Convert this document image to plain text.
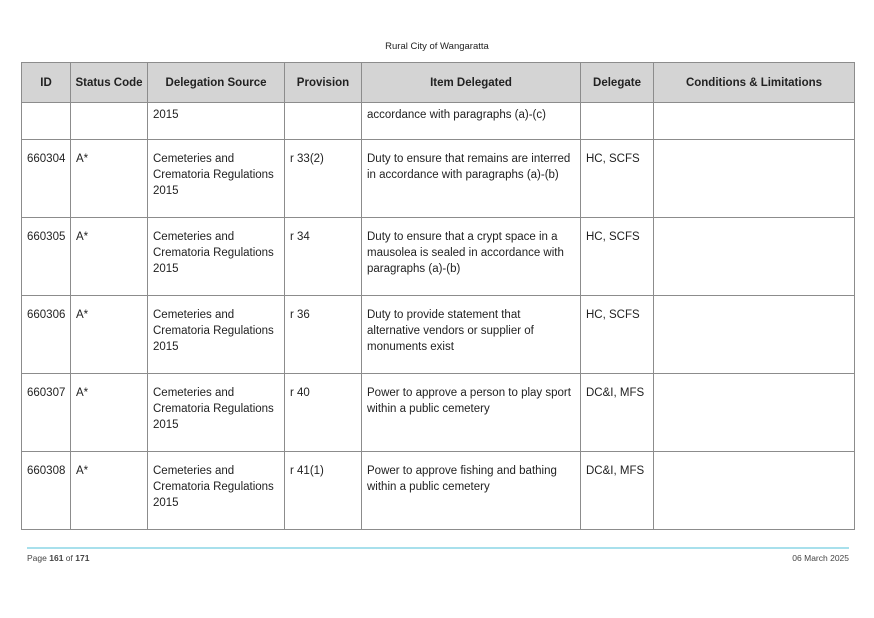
Rural City of Wangaratta
ID	Status Code	Delegation Source	Provision	Item Delegated	Delegate	Conditions & Limitations
		2015		accordance with paragraphs (a)-(c)		
660304	A*	Cemeteries and Crematoria Regulations 2015	r 33(2)	Duty to ensure that remains are interred in accordance with paragraphs (a)-(b)	HC, SCFS	
660305	A*	Cemeteries and Crematoria Regulations 2015	r 34	Duty to ensure that a crypt space in a mausolea is sealed in accordance with paragraphs (a)-(b)	HC, SCFS	
660306	A*	Cemeteries and Crematoria Regulations 2015	r 36	Duty to provide statement that alternative vendors or supplier of monuments exist	HC, SCFS	
660307	A*	Cemeteries and Crematoria Regulations 2015	r 40	Power to approve a person to play sport within a public cemetery	DC&I, MFS	
660308	A*	Cemeteries and Crematoria Regulations 2015	r 41(1)	Power to approve fishing and bathing within a public cemetery	DC&I, MFS	
Page 161 of 171	06 March 2025
